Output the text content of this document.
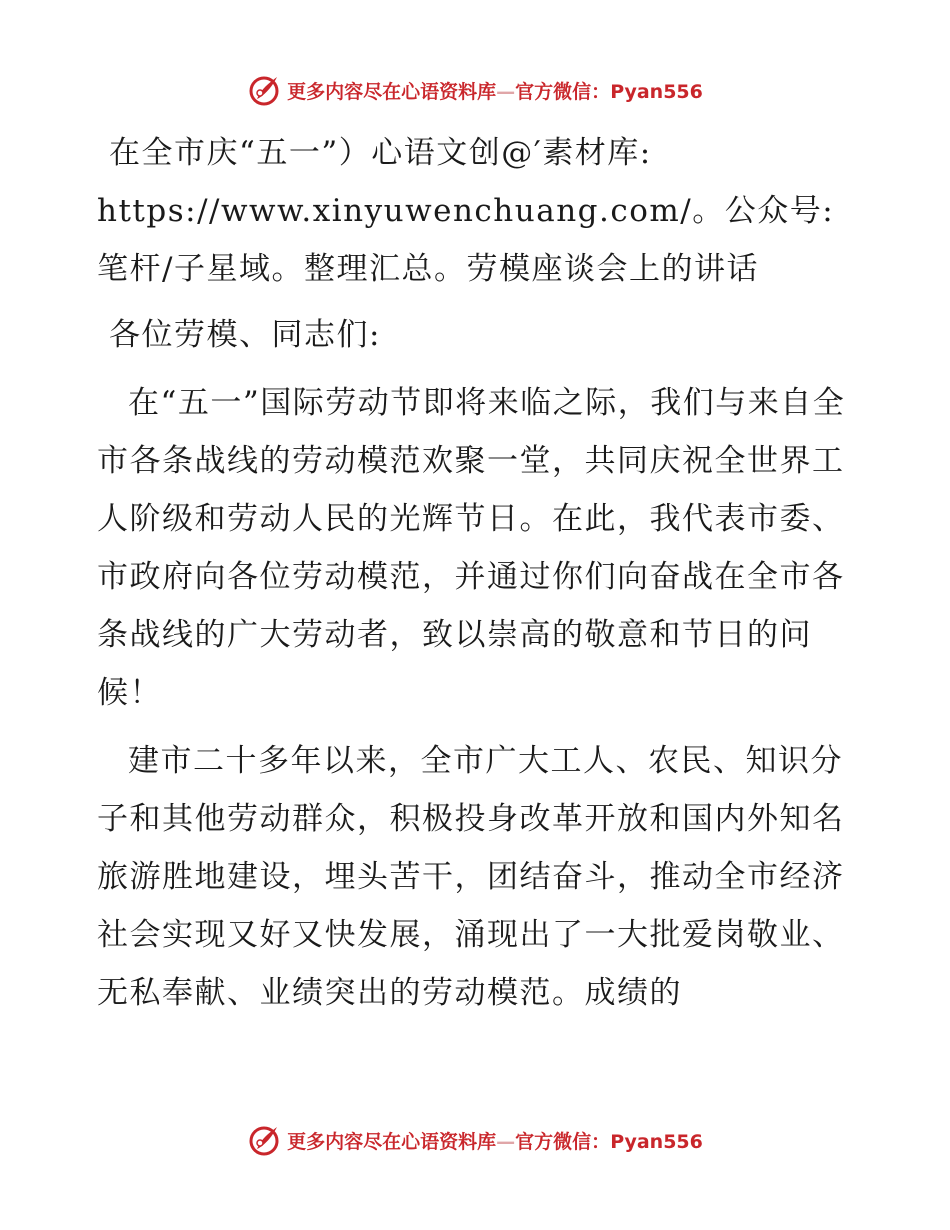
更多内容尽在心语资料库—官方微信：Pyan556

在全市庆“五一”）心语文创@′素材库:

https://www.xinyuwenchuang.com/。公众号: 笔杆/子星域。整理汇总。劳模座谈会上的讲话

各位劳模、同志们:

在“五一”国际劳动节即将来临之际，我们与来自全市各条战线的劳动模范欢聚一堂，共同庆祝全世界工人阶级和劳动人民的光辉节日。在此，我代表市委、市政府向各位劳动模范，并通过你们向奋战在全市各条战线的广大劳动者，致以崇高的敬意和节日的问候！

建市二十多年以来，全市广大工人、农民、知识分子和其他劳动群众，积极投身改革开放和国内外知名旅游胜地建设，埋头苦干，团结奋斗，推动全市经济社会实现又好又快发展，涌现出了一大批爱岗敬业、无私奉献、业绩突出的劳动模范。成绩的

更多内容尽在心语资料库—官方微信：Pyan556
